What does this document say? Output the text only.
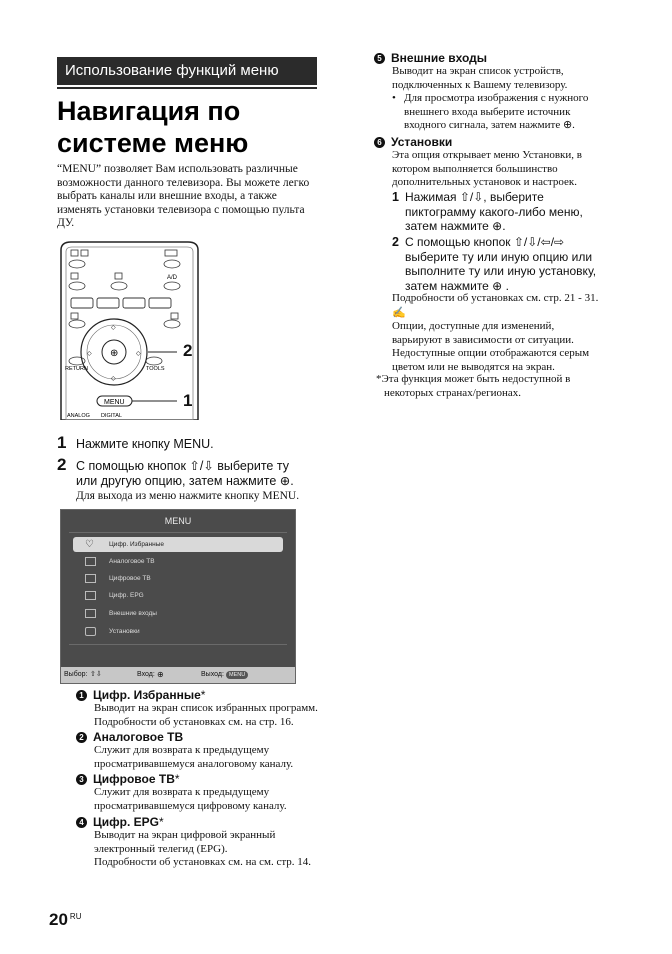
Использование функций меню
Навигация по
системе меню
“MENU” позволяет Вам использовать различные возможности данного телевизора. Вы можете легко выбрать каналы или внешние входы, а также изменять установки телевизора с помощью пульта ДУ.
A/D
⊕
◇
◇
◇	◇
RETURN	TOOLS
MENU
ANALOG DIGITAL
2
1
1 Нажмите кнопку MENU.
2 С помощью кнопок ⇧/⇩ выберите ту
или другую опцию, затем нажмите ⊕.
Для выхода из меню нажмите кнопку MENU.
MENU
♡ Цифр. Избранные
Аналоговое ТВ
Цифровое ТВ
Цифр. EPG
Внешние входы
Установки
Выбор: ⇧⇩	Вход: ⊕	Выход: MENU
1 Цифр. Избранные*
Выводит на экран список избранных программ.
Подробности об установках см. на стр. 16.
2 Аналоговое ТВ
Служит для возврата к предыдущему
просматривавшемуся аналоговому каналу.
3 Цифровое ТВ*
Служит для возврата к предыдущему
просматривавшемуся цифровому каналу.
4 Цифр. EPG*
Выводит на экран цифровой экранный
электронный телегид (EPG).
Подробности об установках см. на см. стр. 14.
20 $^{RU}$
5 Внешние входы
Выводит на экран список устройств,
подключенных к Вашему телевизору.
• Для просмотра изображения с нужного
внешнего входа выберите источник
входного сигнала, затем нажмите ⊕.
6 Установки
Эта опция открывает меню Установки, в
котором выполняется большинство
дополнительных установок и настроек.
1 Нажимая ⇧/⇩, выберите
пиктограмму какого-либо меню,
затем нажмите ⊕.
2 С помощью кнопок ⇧/⇩/⇦/⇨
выберите ту или иную опцию или
выполните ту или иную установку,
затем нажмите ⊕ .
Подробности об установках см. стр. 21 - 31.
✍
Опции, доступные для изменений,
варьируют в зависимости от ситуации.
Недоступные опции отображаются серым
цветом или не выводятся на экран.
*Эта функция может быть недоступной в
некоторых странах/регионах.
